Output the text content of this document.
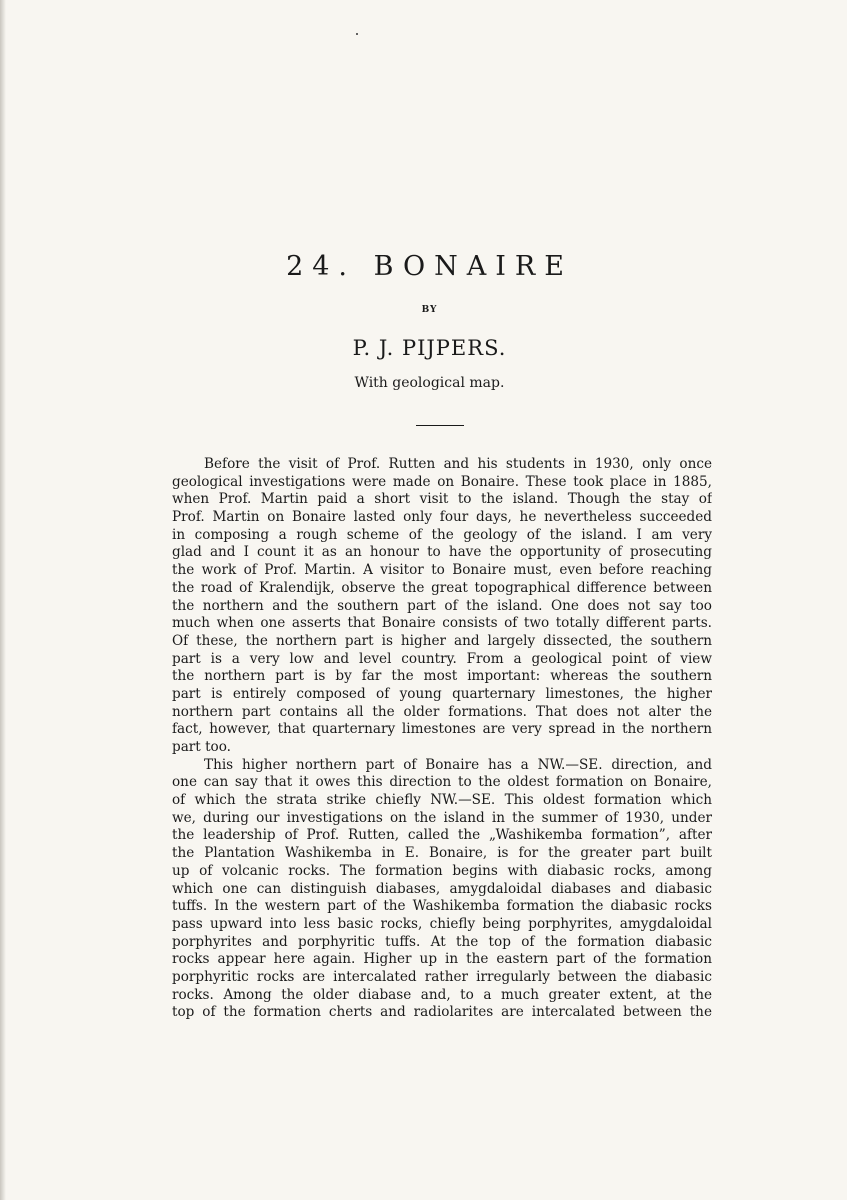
24. BONAIRE
BY
P. J. PIJPERS.
With geological map.
Before the visit of Prof. Rutten and his students in 1930, only once
geological investigations were made on Bonaire. These took place in 1885,
when Prof. Martin paid a short visit to the island. Though the stay of
Prof. Martin on Bonaire lasted only four days, he nevertheless succeeded
in composing a rough scheme of the geology of the island. I am very
glad and I count it as an honour to have the opportunity of prosecuting
the work of Prof. Martin. A visitor to Bonaire must, even before reaching
the road of Kralendijk, observe the great topographical difference between
the northern and the southern part of the island. One does not say too
much when one asserts that Bonaire consists of two totally different parts.
Of these, the northern part is higher and largely dissected, the southern
part is a very low and level country. From a geological point of view
the northern part is by far the most important: whereas the southern
part is entirely composed of young quarternary limestones, the higher
northern part contains all the older formations. That does not alter the
fact, however, that quarternary limestones are very spread in the northern
part too.
This higher northern part of Bonaire has a NW.—SE. direction, and
one can say that it owes this direction to the oldest formation on Bonaire,
of which the strata strike chiefly NW.—SE. This oldest formation which
we, during our investigations on the island in the summer of 1930, under
the leadership of Prof. Rutten, called the „Washikemba formation”, after
the Plantation Washikemba in E. Bonaire, is for the greater part built
up of volcanic rocks. The formation begins with diabasic rocks, among
which one can distinguish diabases, amygdaloidal diabases and diabasic
tuffs. In the western part of the Washikemba formation the diabasic rocks
pass upward into less basic rocks, chiefly being porphyrites, amygdaloidal
porphyrites and porphyritic tuffs. At the top of the formation diabasic
rocks appear here again. Higher up in the eastern part of the formation
porphyritic rocks are intercalated rather irregularly between the diabasic
rocks. Among the older diabase and, to a much greater extent, at the
top of the formation cherts and radiolarites are intercalated between the
